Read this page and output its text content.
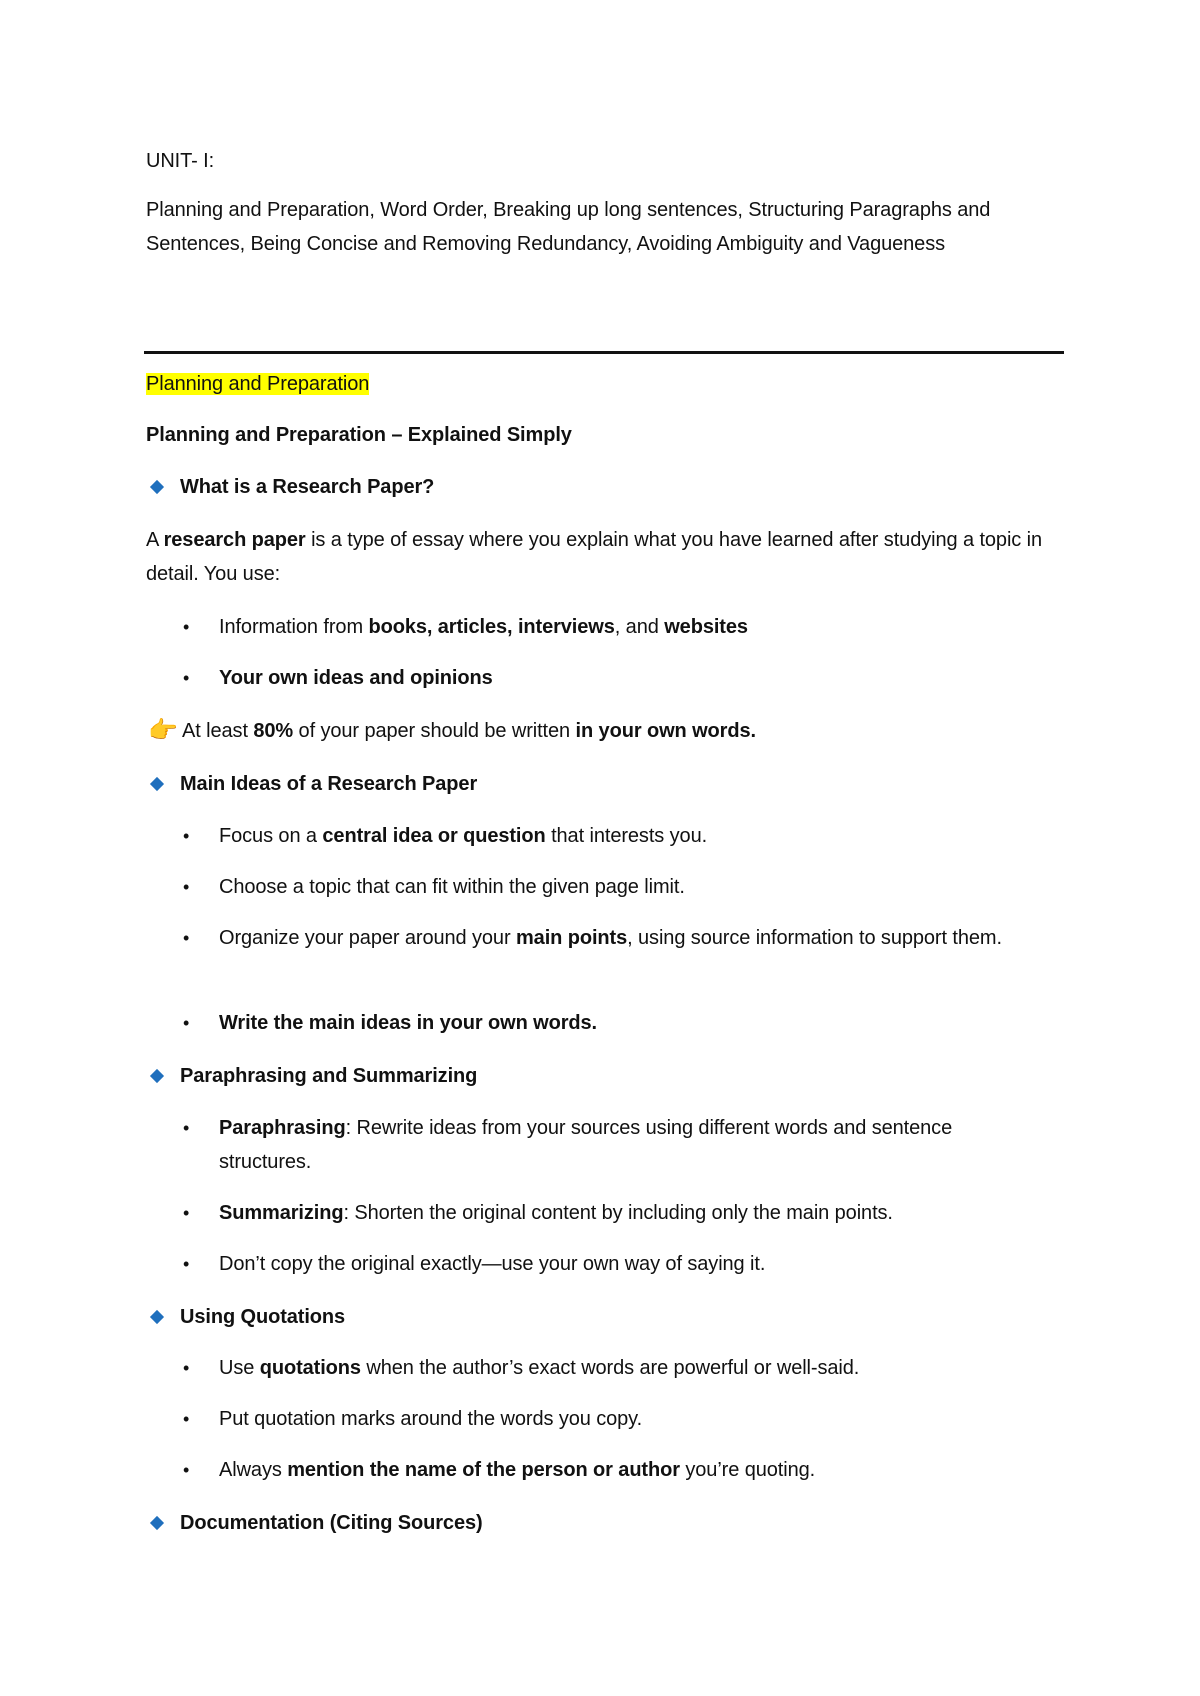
UNIT- I:
Planning and Preparation, Word Order, Breaking up long sentences, Structuring Paragraphs and Sentences, Being Concise and Removing Redundancy, Avoiding Ambiguity and Vagueness
Planning and Preparation
Planning and Preparation – Explained Simply
What is a Research Paper?
A research paper is a type of essay where you explain what you have learned after studying a topic in detail. You use:
•	Information from books, articles, interviews, and websites
•	Your own ideas and opinions
👉 At least 80% of your paper should be written in your own words.
Main Ideas of a Research Paper
•	Focus on a central idea or question that interests you.
•	Choose a topic that can fit within the given page limit.
•	Organize your paper around your main points, using source information to support them.
•	Write the main ideas in your own words.
Paraphrasing and Summarizing
•	Paraphrasing: Rewrite ideas from your sources using different words and sentence structures.
•	Summarizing: Shorten the original content by including only the main points.
•	Don’t copy the original exactly—use your own way of saying it.
Using Quotations
•	Use quotations when the author’s exact words are powerful or well-said.
•	Put quotation marks around the words you copy.
•	Always mention the name of the person or author you’re quoting.
Documentation (Citing Sources)
